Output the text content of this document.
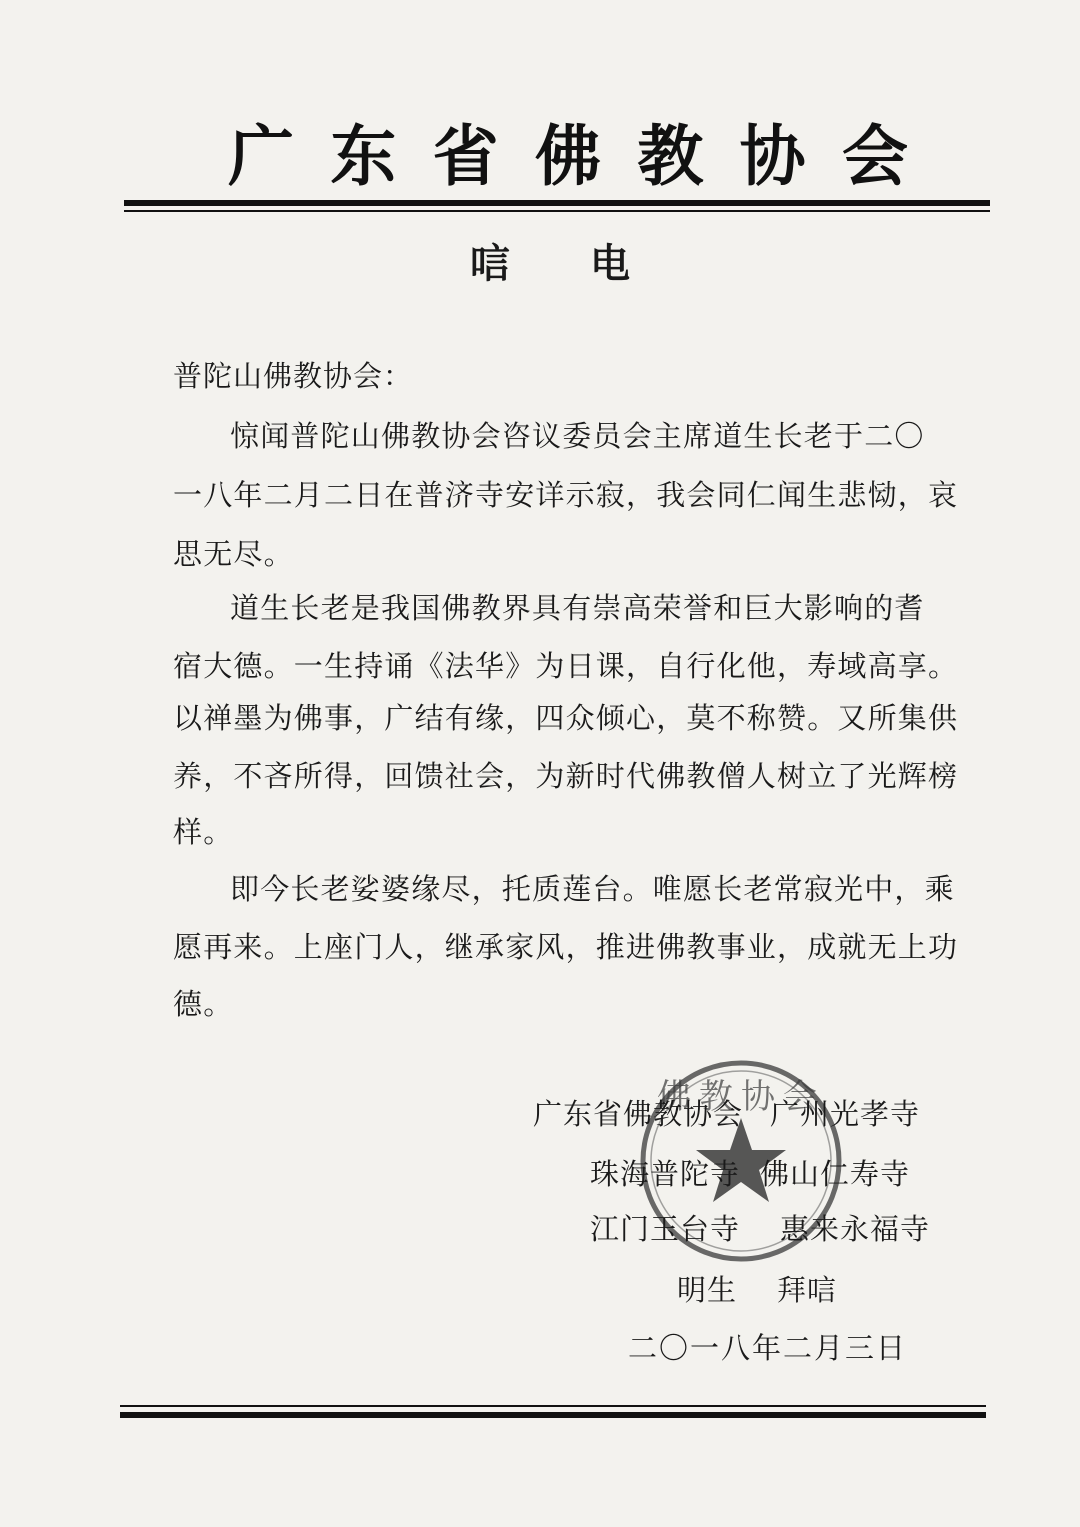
广 东 省 佛 教 协 会
唁 电
普陀山佛教协会：
惊闻普陀山佛教协会咨议委员会主席道生长老于二〇
一八年二月二日在普济寺安详示寂，我会同仁闻生悲恸，哀
思无尽。
道生长老是我国佛教界具有崇高荣誉和巨大影响的耆
宿大德。一生持诵《法华》为日课，自行化他，寿域高享。
以禅墨为佛事，广结有缘，四众倾心，莫不称赞。又所集供
养，不吝所得，回馈社会，为新时代佛教僧人树立了光辉榜
样。
即今长老娑婆缘尽，托质莲台。唯愿长老常寂光中，乘
愿再来。上座门人，继承家风，推进佛教事业，成就无上功
德。
佛教协会
广东省佛教协会 广州光孝寺
珠海普陀寺 佛山仁寿寺
江门玉台寺 惠来永福寺
明生 拜唁
二〇一八年二月三日
